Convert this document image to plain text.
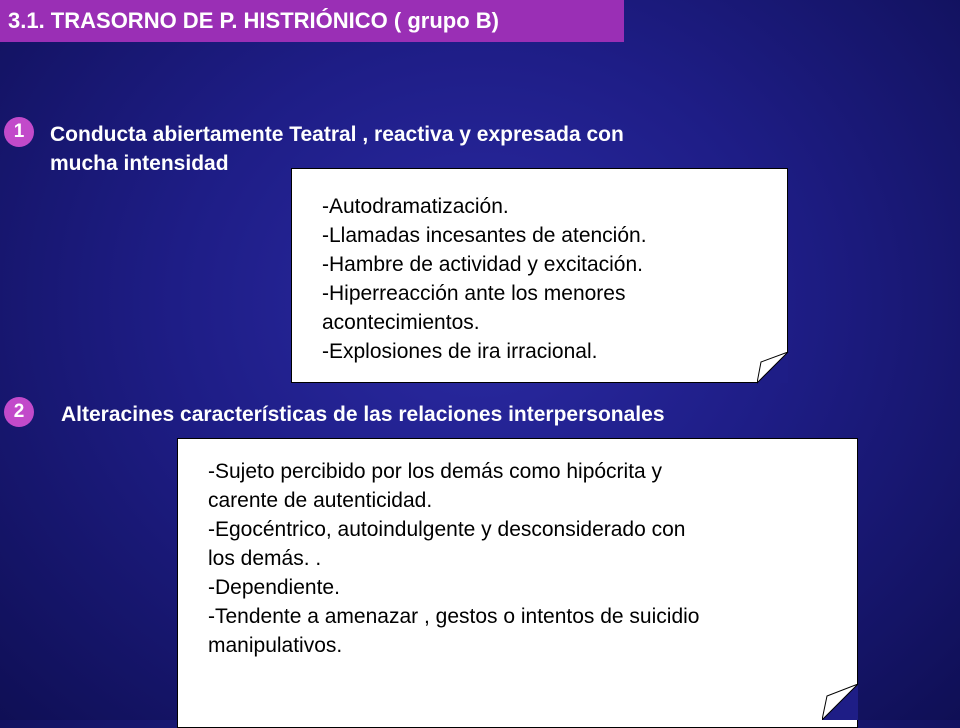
3.1. TRASORNO DE P. HISTRIÓNICO ( grupo B)
1	Conducta abiertamente Teatral , reactiva y expresada con
mucha intensidad
-Autodramatización.
-Llamadas incesantes de atención.
-Hambre de actividad y excitación.
-Hiperreacción ante los menores
acontecimientos.
-Explosiones de ira irracional.
2	Alteracines características de las relaciones interpersonales
-Sujeto percibido por los demás como hipócrita y
carente de autenticidad.
-Egocéntrico, autoindulgente y desconsiderado con
los demás. .
-Dependiente.
-Tendente a amenazar , gestos o intentos de suicidio
manipulativos.
